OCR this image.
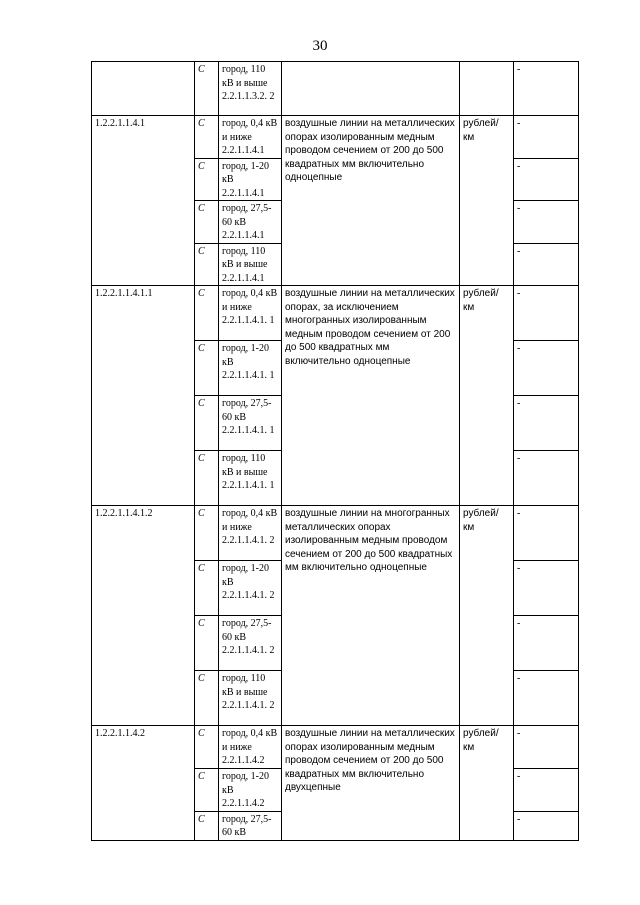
30
	С	город, 110 кВ и выше 2.2.1.1.3.2. 2			-
1.2.2.1.1.4.1	С	город, 0,4 кВ и ниже 2.2.1.1.4.1	воздушные линии на металлических опорах изолированным медным проводом сечением от 200 до 500 квадратных мм включительно одноцепные	рублей/ км	-
	С	город, 1-20 кВ 2.2.1.1.4.1			-
	С	город, 27,5-60 кВ 2.2.1.1.4.1			-
	С	город, 110 кВ и выше 2.2.1.1.4.1			-
1.2.2.1.1.4.1.1	С	город, 0,4 кВ и ниже 2.2.1.1.4.1. 1	воздушные линии на металлических опорах, за исключением многогранных изолированным медным проводом сечением от 200 до 500 квадратных мм включительно одноцепные	рублей/ км	-
	С	город, 1-20 кВ 2.2.1.1.4.1. 1			-
	С	город, 27,5-60 кВ 2.2.1.1.4.1. 1			-
	С	город, 110 кВ и выше 2.2.1.1.4.1. 1			-
1.2.2.1.1.4.1.2	С	город, 0,4 кВ и ниже 2.2.1.1.4.1. 2	воздушные линии на многогранных металлических опорах изолированным медным проводом сечением от 200 до 500 квадратных мм включительно одноцепные	рублей/ км	-
	С	город, 1-20 кВ 2.2.1.1.4.1. 2			-
	С	город, 27,5-60 кВ 2.2.1.1.4.1. 2			-
	С	город, 110 кВ и выше 2.2.1.1.4.1. 2			-
1.2.2.1.1.4.2	С	город, 0,4 кВ и ниже 2.2.1.1.4.2	воздушные линии на металлических опорах изолированным медным проводом сечением от 200 до 500 квадратных мм включительно двухцепные	рублей/ км	-
	С	город, 1-20 кВ 2.2.1.1.4.2			-
	С	город, 27,5-60 кВ			-
